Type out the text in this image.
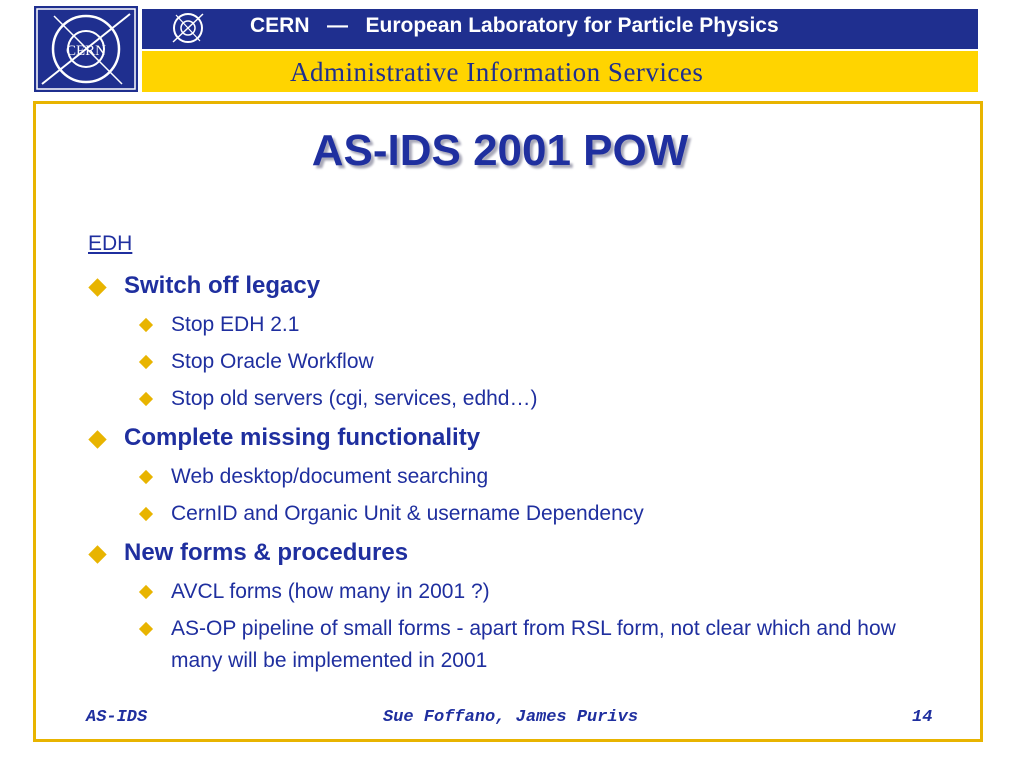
CERN
CERN   —   European Laboratory for Particle Physics
Administrative Information Services
AS-IDS 2001 POW
EDH
Switch off legacy
Stop EDH 2.1
Stop Oracle Workflow
Stop old servers (cgi, services, edhd…)
Complete missing functionality
Web desktop/document searching
CernID and Organic Unit & username Dependency
New forms & procedures
AVCL forms (how many in 2001 ?)
AS-OP pipeline of small forms - apart from RSL form, not clear which and how many will be implemented in 2001
AS-IDS	Sue Foffano, James Purivs	14
